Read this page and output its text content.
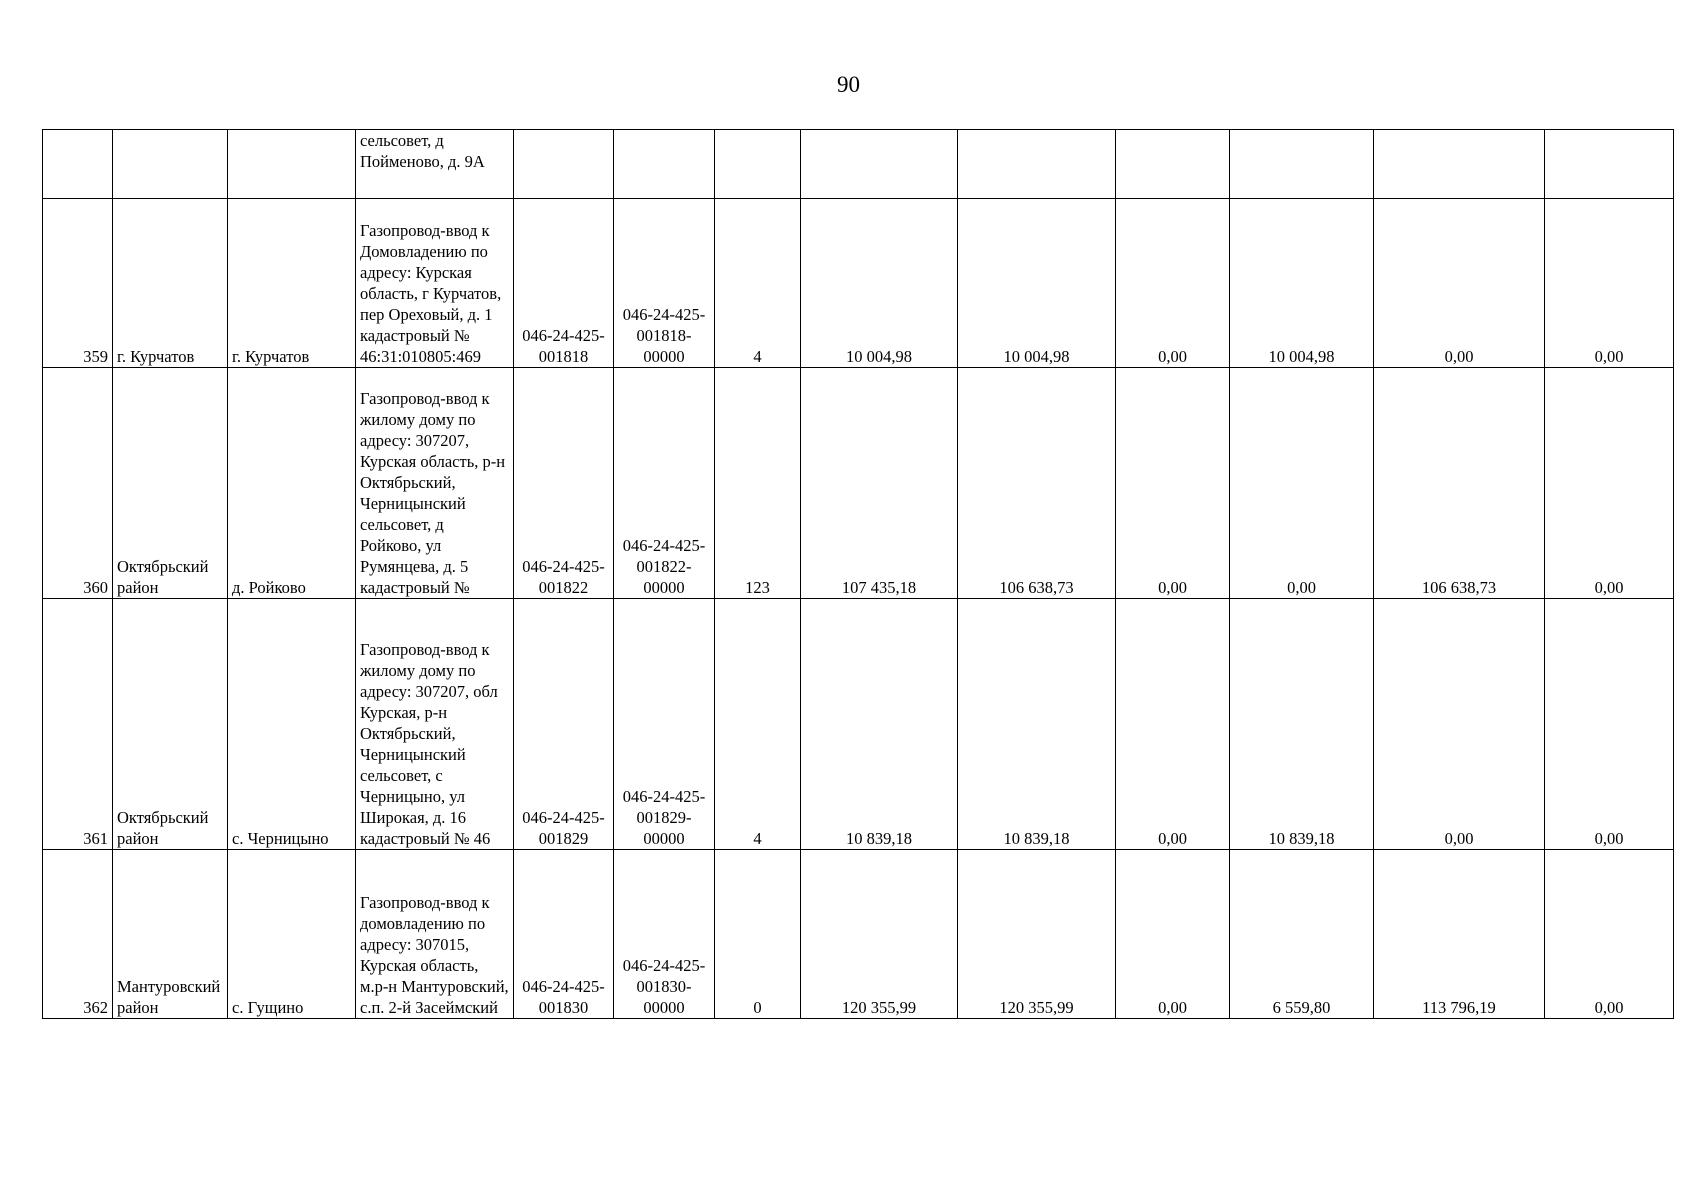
90
			сельсовет, д Пойменово, д. 9А									
359	г. Курчатов	г. Курчатов	Газопровод-ввод к Домовладению по адресу: Курская область, г Курчатов, пер Ореховый, д. 1 кадастровый № 46:31:010805:469	046-24-425-001818	046-24-425-001818-00000	4	10 004,98	10 004,98	0,00	10 004,98	0,00	0,00
360	Октябрьский район	д. Ройково	Газопровод-ввод к жилому дому по адресу: 307207, Курская область, р-н Октябрьский, Черницынский сельсовет, д Ройково, ул Румянцева, д. 5 кадастровый №	046-24-425-001822	046-24-425-001822-00000	123	107 435,18	106 638,73	0,00	0,00	106 638,73	0,00
361	Октябрьский район	с. Черницыно	Газопровод-ввод к жилому дому по адресу: 307207, обл Курская, р-н Октябрьский, Черницынский сельсовет, с Черницыно, ул Широкая, д. 16 кадастровый № 46	046-24-425-001829	046-24-425-001829-00000	4	10 839,18	10 839,18	0,00	10 839,18	0,00	0,00
362	Мантуровский район	с. Гущино	Газопровод-ввод к домовладению по адресу: 307015, Курская область, м.р-н Мантуровский, с.п. 2-й Засеймский	046-24-425-001830	046-24-425-001830-00000	0	120 355,99	120 355,99	0,00	6 559,80	113 796,19	0,00
